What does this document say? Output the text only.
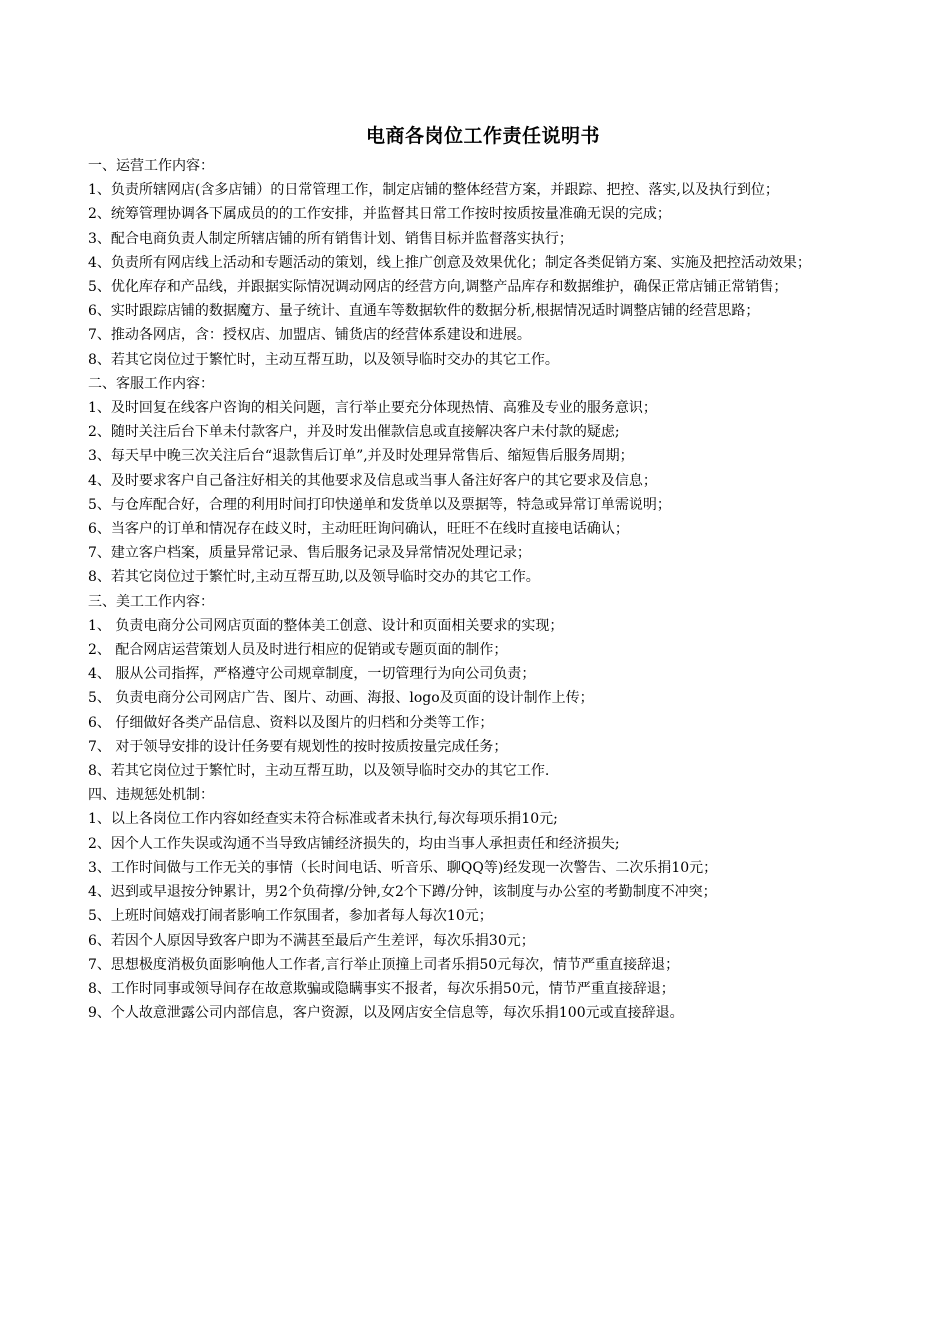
电商各岗位工作责任说明书

一、运营工作内容：

1、负责所辖网店(含多店铺）的日常管理工作，制定店铺的整体经营方案，并跟踪、把控、落实,以及执行到位；

2、统筹管理协调各下属成员的的工作安排，并监督其日常工作按时按质按量准确无误的完成；

3、配合电商负责人制定所辖店铺的所有销售计划、销售目标并监督落实执行；

4、负责所有网店线上活动和专题活动的策划，线上推广创意及效果优化；制定各类促销方案、实施及把控活动效果；

5、优化库存和产品线，并跟据实际情况调动网店的经营方向,调整产品库存和数据维护，确保正常店铺正常销售；

6、实时跟踪店铺的数据魔方、量子统计、直通车等数据软件的数据分析,根据情况适时调整店铺的经营思路；

7、推动各网店，含：授权店、加盟店、铺货店的经营体系建设和进展。

8、若其它岗位过于繁忙时，主动互帮互助，以及领导临时交办的其它工作。

二、客服工作内容：

1、及时回复在线客户咨询的相关问题，言行举止要充分体现热情、高雅及专业的服务意识；

2、随时关注后台下单未付款客户，并及时发出催款信息或直接解决客户未付款的疑虑;

3、每天早中晚三次关注后台“退款售后订单”,并及时处理异常售后、缩短售后服务周期；

4、及时要求客户自己备注好相关的其他要求及信息或当事人备注好客户的其它要求及信息；

5、与仓库配合好，合理的利用时间打印快递单和发货单以及票据等，特急或异常订单需说明；

6、当客户的订单和情况存在歧义时，主动旺旺询问确认，旺旺不在线时直接电话确认；

7、建立客户档案，质量异常记录、售后服务记录及异常情况处理记录；

8、若其它岗位过于繁忙时,主动互帮互助,以及领导临时交办的其它工作。

三、美工工作内容：

1、 负责电商分公司网店页面的整体美工创意、设计和页面相关要求的实现；

2、 配合网店运营策划人员及时进行相应的促销或专题页面的制作；

4、 服从公司指挥，严格遵守公司规章制度，一切管理行为向公司负责；

5、 负责电商分公司网店广告、图片、动画、海报、logo及页面的设计制作上传；

6、 仔细做好各类产品信息、资料以及图片的归档和分类等工作；

7、 对于领导安排的设计任务要有规划性的按时按质按量完成任务；

8、若其它岗位过于繁忙时，主动互帮互助，以及领导临时交办的其它工作.

四、违规惩处机制：

1、以上各岗位工作内容如经查实未符合标准或者未执行,每次每项乐捐10元;

2、因个人工作失误或沟通不当导致店铺经济损失的，均由当事人承担责任和经济损失;

3、工作时间做与工作无关的事情（长时间电话、听音乐、聊QQ等)经发现一次警告、二次乐捐10元；

4、迟到或早退按分钟累计，男2个负荷撑/分钟,女2个下蹲/分钟，该制度与办公室的考勤制度不冲突；

5、上班时间嬉戏打闹者影响工作氛围者，参加者每人每次10元；

6、若因个人原因导致客户即为不满甚至最后产生差评，每次乐捐30元；

7、思想极度消极负面影响他人工作者,言行举止顶撞上司者乐捐50元每次，情节严重直接辞退；

8、工作时同事或领导间存在故意欺骗或隐瞒事实不报者，每次乐捐50元，情节严重直接辞退；

9、个人故意泄露公司内部信息，客户资源，以及网店安全信息等，每次乐捐100元或直接辞退。
